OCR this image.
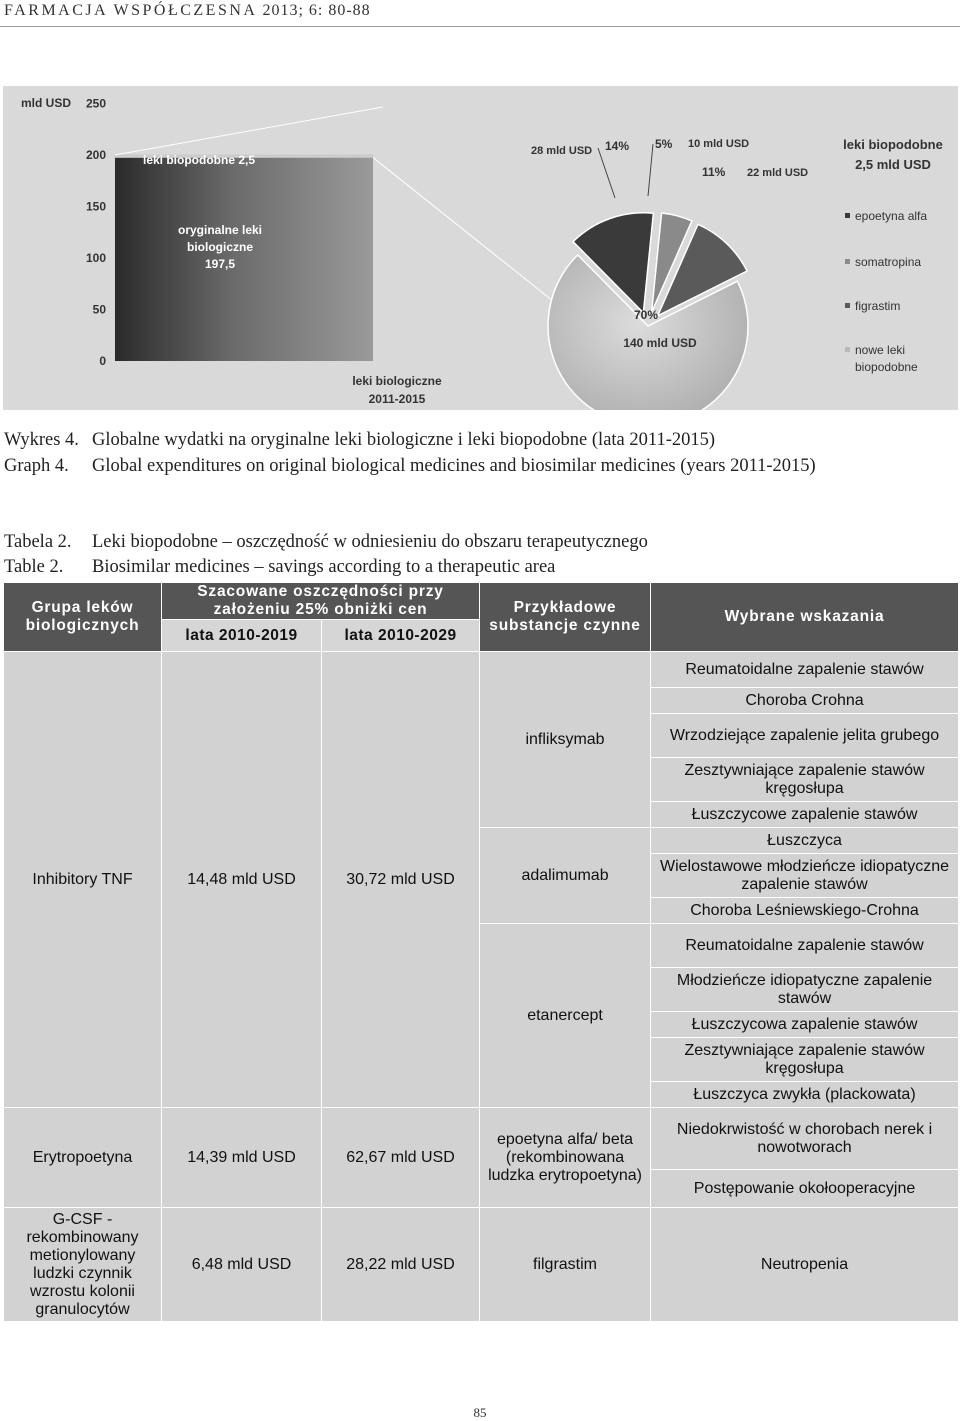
FARMACJA WSPÓŁCZESNA 2013; 6: 80-88
mld USD
0
50
100
150
200
250
leki biopodobne 2,5
oryginalne leki
biologiczne
197,5
leki biologiczne
2011-2015
70%
140 mld USD
28 mld USD 14% 5% 10 mld USD
11% 22 mld USD
leki biopodobne
2,5 mld USD
epoetyna alfa
somatropina
figrastim
nowe leki
biopodobne
Wykres 4. Globalne wydatki na oryginalne leki biologiczne i leki biopodobne (lata 2011-2015)
Graph 4. Global expenditures on original biological medicines and biosimilar medicines (years 2011-2015)
Tabela 2. Leki biopodobne – oszczędność w odniesieniu do obszaru terapeutycznego
Table 2. Biosimilar medicines – savings according to a therapeutic area
Grupa leków biologicznych	Szacowane oszczędności przy założeniu 25% obniżki cen		Przykładowe substancje czynne	Wybrane wskazania
	lata 2010-2019	lata 2010-2029		
Inhibitory TNF	14,48 mld USD	30,72 mld USD	infliksymab	Reumatoidalne zapalenie stawów
				Choroba Crohna
				Wrzodziejące zapalenie jelita grubego
				Zesztywniające zapalenie stawów kręgosłupa
				Łuszczycowe zapalenie stawów
			adalimumab	Łuszczyca
				Wielostawowe młodzieńcze idiopatyczne zapalenie stawów
				Choroba Leśniewskiego-Crohna
			etanercept	Reumatoidalne zapalenie stawów
				Młodzieńcze idiopatyczne zapalenie stawów
				Łuszczycowa zapalenie stawów
				Zesztywniające zapalenie stawów kręgosłupa
				Łuszczyca zwykła (plackowata)
Erytropoetyna	14,39 mld USD	62,67 mld USD	epoetyna alfa/ beta (rekombinowana ludzka erytropoetyna)	Niedokrwistość w chorobach nerek i nowotworach
				Postępowanie okołooperacyjne
G-CSF - rekombinowany metionylowany ludzki czynnik wzrostu kolonii granulocytów	6,48 mld USD	28,22 mld USD	filgrastim	Neutropenia
85
